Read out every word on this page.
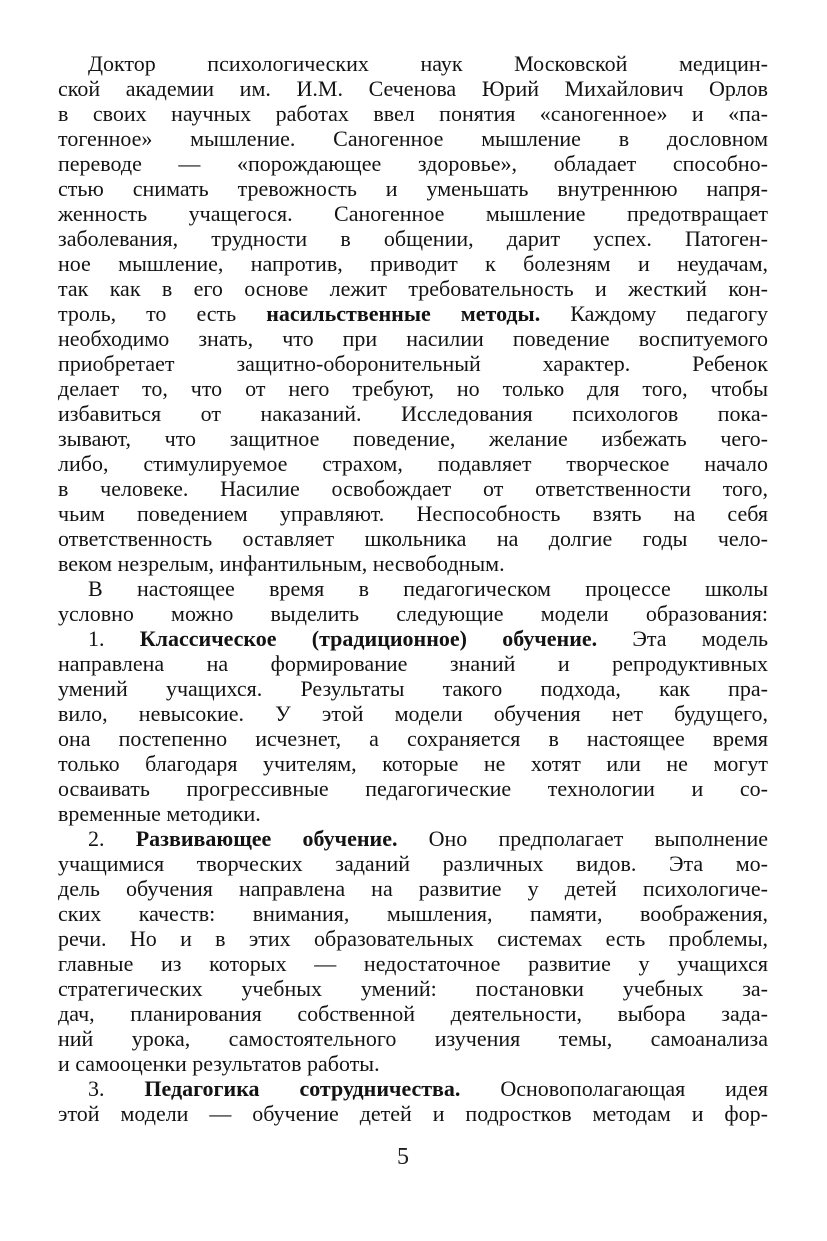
Доктор психологических наук Московской медицин-
ской академии им. И.М. Сеченова Юрий Михайлович Орлов
в своих научных работах ввел понятия «саногенное» и «па-
тогенное» мышление. Саногенное мышление в дословном
переводе — «порождающее здоровье», обладает способно-
стью снимать тревожность и уменьшать внутреннюю напря-
женность учащегося. Саногенное мышление предотвращает
заболевания, трудности в общении, дарит успех. Патоген-
ное мышление, напротив, приводит к болезням и неудачам,
так как в его основе лежит требовательность и жесткий кон-
троль, то есть насильственные методы. Каждому педагогу
необходимо знать, что при насилии поведение воспитуемого
приобретает защитно-оборонительный характер. Ребенок
делает то, что от него требуют, но только для того, чтобы
избавиться от наказаний. Исследования психологов пока-
зывают, что защитное поведение, желание избежать чего-
либо, стимулируемое страхом, подавляет творческое начало
в человеке. Насилие освобождает от ответственности того,
чьим поведением управляют. Неспособность взять на себя
ответственность оставляет школьника на долгие годы чело-
веком незрелым, инфантильным, несвободным.
В настоящее время в педагогическом процессе школы
условно можно выделить следующие модели образования:
1. Классическое (традиционное) обучение. Эта модель
направлена на формирование знаний и репродуктивных
умений учащихся. Результаты такого подхода, как пра-
вило, невысокие. У этой модели обучения нет будущего,
она постепенно исчезнет, а сохраняется в настоящее время
только благодаря учителям, которые не хотят или не могут
осваивать прогрессивные педагогические технологии и со-
временные методики.
2. Развивающее обучение. Оно предполагает выполнение
учащимися творческих заданий различных видов. Эта мо-
дель обучения направлена на развитие у детей психологиче-
ских качеств: внимания, мышления, памяти, воображения,
речи. Но и в этих образовательных системах есть проблемы,
главные из которых — недостаточное развитие у учащихся
стратегических учебных умений: постановки учебных за-
дач, планирования собственной деятельности, выбора зада-
ний урока, самостоятельного изучения темы, самоанализа
и самооценки результатов работы.
3. Педагогика сотрудничества. Основополагающая идея
этой модели — обучение детей и подростков методам и фор-
5
